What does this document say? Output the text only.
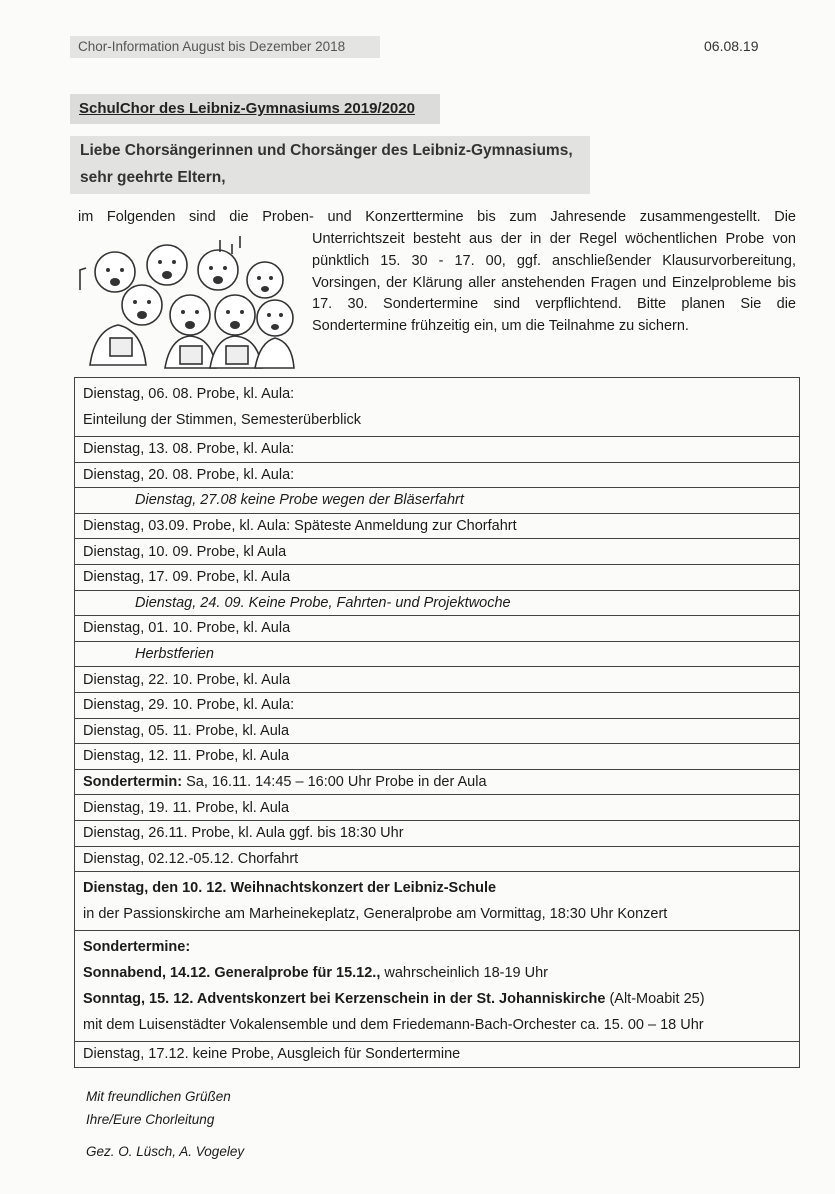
Chor-Information August bis Dezember 2018	06.08.19
SchulChor des Leibniz-Gymnasiums 2019/2020
Liebe Chorsängerinnen und Chorsänger des Leibniz-Gymnasiums,
sehr geehrte Eltern,
im Folgenden sind die Proben- und Konzerttermine bis zum Jahresende zusammengestellt. Die
Unterrichtszeit besteht aus der in der Regel wöchentlichen Probe von pünktlich 15. 30 - 17. 00, ggf. anschließender Klausurvorbereitung, Vorsingen, der Klärung aller anstehenden Fragen und Einzelprobleme bis 17. 30. Sondertermine sind verpflichtend. Bitte planen Sie die Sondertermine frühzeitig ein, um die Teilnahme zu sichern.
Dienstag, 06. 08. Probe, kl. Aula:
Einteilung der Stimmen, Semesterüberblick

Dienstag, 13. 08. Probe, kl. Aula:
Dienstag, 20. 08. Probe, kl. Aula:
Dienstag, 27.08 keine Probe wegen der Bläserfahrt
Dienstag, 03.09. Probe, kl. Aula: Späteste Anmeldung zur Chorfahrt
Dienstag, 10. 09. Probe, kl Aula
Dienstag, 17. 09. Probe, kl. Aula
Dienstag, 24. 09. Keine Probe, Fahrten- und Projektwoche
Dienstag, 01. 10. Probe, kl. Aula
Herbstferien
Dienstag, 22. 10. Probe, kl. Aula
Dienstag, 29. 10. Probe, kl. Aula:
Dienstag, 05. 11. Probe, kl. Aula
Dienstag, 12. 11. Probe, kl. Aula
Sondertermin: Sa, 16.11. 14:45 – 16:00 Uhr Probe in der Aula
Dienstag, 19. 11. Probe, kl. Aula
Dienstag, 26.11. Probe, kl. Aula ggf. bis 18:30 Uhr
Dienstag, 02.12.-05.12. Chorfahrt

Dienstag, den 10. 12. Weihnachtskonzert der Leibniz-Schule
in der Passionskirche am Marheinekeplatz, Generalprobe am Vormittag, 18:30 Uhr Konzert

Sondertermine:
Sonnabend, 14.12. Generalprobe für 15.12., wahrscheinlich 18-19 Uhr
Sonntag, 15. 12. Adventskonzert bei Kerzenschein in der St. Johanniskirche (Alt-Moabit 25)
mit dem Luisenstädter Vokalensemble und dem Friedemann-Bach-Orchester ca. 15. 00 – 18 Uhr

Dienstag, 17.12. keine Probe, Ausgleich für Sondertermine
Mit freundlichen Grüßen
Ihre/Eure Chorleitung
Gez. O. Lüsch, A. Vogeley
